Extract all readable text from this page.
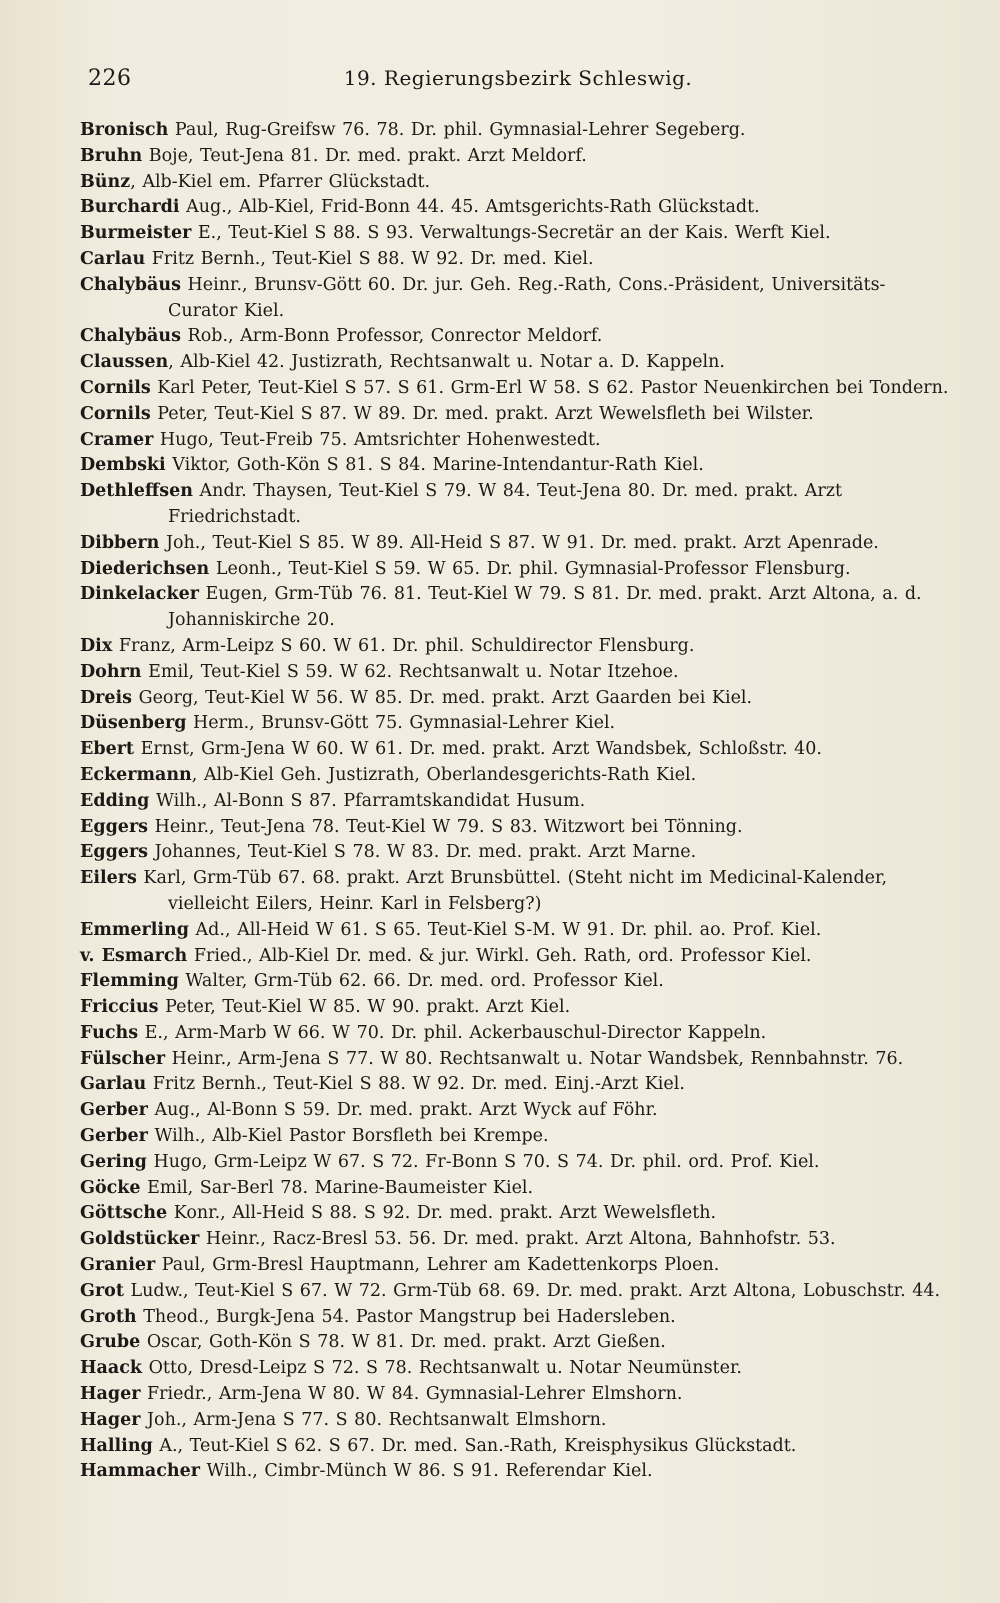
226	19. Regierungsbezirk Schleswig.
Bronisch Paul, Rug-Greifsw 76. 78. Dr. phil. Gymnasial-Lehrer Segeberg.
Bruhn Boje, Teut-Jena 81. Dr. med. prakt. Arzt Meldorf.
Bünz, Alb-Kiel em. Pfarrer Glückstadt.
Burchardi Aug., Alb-Kiel, Frid-Bonn 44. 45. Amtsgerichts-Rath Glückstadt.
Burmeister E., Teut-Kiel S 88. S 93. Verwaltungs-Secretär an der Kais. Werft Kiel.
Carlau Fritz Bernh., Teut-Kiel S 88. W 92. Dr. med. Kiel.
Chalybäus Heinr., Brunsv-Gött 60. Dr. jur. Geh. Reg.-Rath, Cons.-Präsident, Universitäts-Curator Kiel.
Chalybäus Rob., Arm-Bonn Professor, Conrector Meldorf.
Claussen, Alb-Kiel 42. Justizrath, Rechtsanwalt u. Notar a. D. Kappeln.
Cornils Karl Peter, Teut-Kiel S 57. S 61. Grm-Erl W 58. S 62. Pastor Neuenkirchen bei Tondern.
Cornils Peter, Teut-Kiel S 87. W 89. Dr. med. prakt. Arzt Wewelsfleth bei Wilster.
Cramer Hugo, Teut-Freib 75. Amtsrichter Hohenwestedt.
Dembski Viktor, Goth-Kön S 81. S 84. Marine-Intendantur-Rath Kiel.
Dethleffsen Andr. Thaysen, Teut-Kiel S 79. W 84. Teut-Jena 80. Dr. med. prakt. Arzt Friedrichstadt.
Dibbern Joh., Teut-Kiel S 85. W 89. All-Heid S 87. W 91. Dr. med. prakt. Arzt Apenrade.
Diederichsen Leonh., Teut-Kiel S 59. W 65. Dr. phil. Gymnasial-Professor Flensburg.
Dinkelacker Eugen, Grm-Tüb 76. 81. Teut-Kiel W 79. S 81. Dr. med. prakt. Arzt Altona, a. d. Johanniskirche 20.
Dix Franz, Arm-Leipz S 60. W 61. Dr. phil. Schuldirector Flensburg.
Dohrn Emil, Teut-Kiel S 59. W 62. Rechtsanwalt u. Notar Itzehoe.
Dreis Georg, Teut-Kiel W 56. W 85. Dr. med. prakt. Arzt Gaarden bei Kiel.
Düsenberg Herm., Brunsv-Gött 75. Gymnasial-Lehrer Kiel.
Ebert Ernst, Grm-Jena W 60. W 61. Dr. med. prakt. Arzt Wandsbek, Schloßstr. 40.
Eckermann, Alb-Kiel Geh. Justizrath, Oberlandesgerichts-Rath Kiel.
Edding Wilh., Al-Bonn S 87. Pfarramtskandidat Husum.
Eggers Heinr., Teut-Jena 78. Teut-Kiel W 79. S 83. Witzwort bei Tönning.
Eggers Johannes, Teut-Kiel S 78. W 83. Dr. med. prakt. Arzt Marne.
Eilers Karl, Grm-Tüb 67. 68. prakt. Arzt Brunsbüttel. (Steht nicht im Medicinal-Kalender, vielleicht Eilers, Heinr. Karl in Felsberg?)
Emmerling Ad., All-Heid W 61. S 65. Teut-Kiel S-M. W 91. Dr. phil. ao. Prof. Kiel.
v. Esmarch Fried., Alb-Kiel Dr. med. & jur. Wirkl. Geh. Rath, ord. Professor Kiel.
Flemming Walter, Grm-Tüb 62. 66. Dr. med. ord. Professor Kiel.
Friccius Peter, Teut-Kiel W 85. W 90. prakt. Arzt Kiel.
Fuchs E., Arm-Marb W 66. W 70. Dr. phil. Ackerbauschul-Director Kappeln.
Fülscher Heinr., Arm-Jena S 77. W 80. Rechtsanwalt u. Notar Wandsbek, Rennbahnstr. 76.
Garlau Fritz Bernh., Teut-Kiel S 88. W 92. Dr. med. Einj.-Arzt Kiel.
Gerber Aug., Al-Bonn S 59. Dr. med. prakt. Arzt Wyck auf Föhr.
Gerber Wilh., Alb-Kiel Pastor Borsfleth bei Krempe.
Gering Hugo, Grm-Leipz W 67. S 72. Fr-Bonn S 70. S 74. Dr. phil. ord. Prof. Kiel.
Göcke Emil, Sar-Berl 78. Marine-Baumeister Kiel.
Göttsche Konr., All-Heid S 88. S 92. Dr. med. prakt. Arzt Wewelsfleth.
Goldstücker Heinr., Racz-Bresl 53. 56. Dr. med. prakt. Arzt Altona, Bahnhofstr. 53.
Granier Paul, Grm-Bresl Hauptmann, Lehrer am Kadettenkorps Ploen.
Grot Ludw., Teut-Kiel S 67. W 72. Grm-Tüb 68. 69. Dr. med. prakt. Arzt Altona, Lobuschstr. 44.
Groth Theod., Burgk-Jena 54. Pastor Mangstrup bei Hadersleben.
Grube Oscar, Goth-Kön S 78. W 81. Dr. med. prakt. Arzt Gießen.
Haack Otto, Dresd-Leipz S 72. S 78. Rechtsanwalt u. Notar Neumünster.
Hager Friedr., Arm-Jena W 80. W 84. Gymnasial-Lehrer Elmshorn.
Hager Joh., Arm-Jena S 77. S 80. Rechtsanwalt Elmshorn.
Halling A., Teut-Kiel S 62. S 67. Dr. med. San.-Rath, Kreisphysikus Glückstadt.
Hammacher Wilh., Cimbr-Münch W 86. S 91. Referendar Kiel.
